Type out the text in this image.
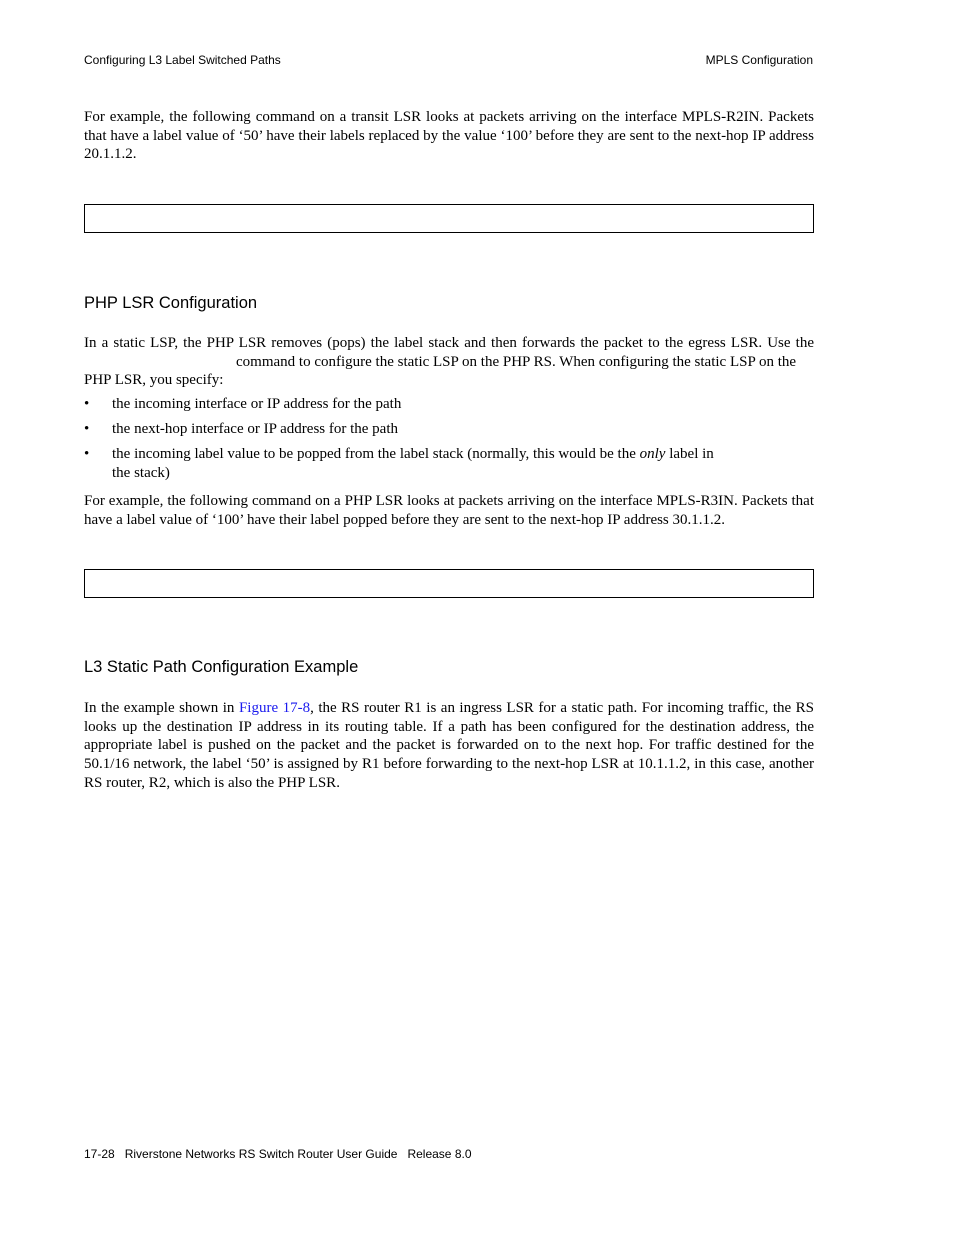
Configuring L3 Label Switched Paths	MPLS Configuration
For example, the following command on a transit LSR looks at packets arriving on the interface MPLS-R2IN. Packets that have a label value of ‘50’ have their labels replaced by the value ‘100’ before they are sent to the next-hop IP address 20.1.1.2.
PHP LSR Configuration
In a static LSP, the PHP LSR removes (pops) the label stack and then forwards the packet to the egress LSR. Use the
command to configure the static LSP on the PHP RS. When configuring the static LSP on the
PHP LSR, you specify:
• the incoming interface or IP address for the path
• the next-hop interface or IP address for the path
• the incoming label value to be popped from the label stack (normally, this would be the only label in
the stack)
For example, the following command on a PHP LSR looks at packets arriving on the interface MPLS-R3IN. Packets that have a label value of ‘100’ have their label popped before they are sent to the next-hop IP address 30.1.1.2.
L3 Static Path Configuration Example
In the example shown in Figure 17-8, the RS router R1 is an ingress LSR for a static path. For incoming traffic, the RS looks up the destination IP address in its routing table. If a path has been configured for the destination address, the appropriate label is pushed on the packet and the packet is forwarded on to the next hop. For traffic destined for the 50.1/16 network, the label ‘50’ is assigned by R1 before forwarding to the next-hop LSR at 10.1.1.2, in this case, another RS router, R2, which is also the PHP LSR.
17-28   Riverstone Networks RS Switch Router User Guide   Release 8.0
